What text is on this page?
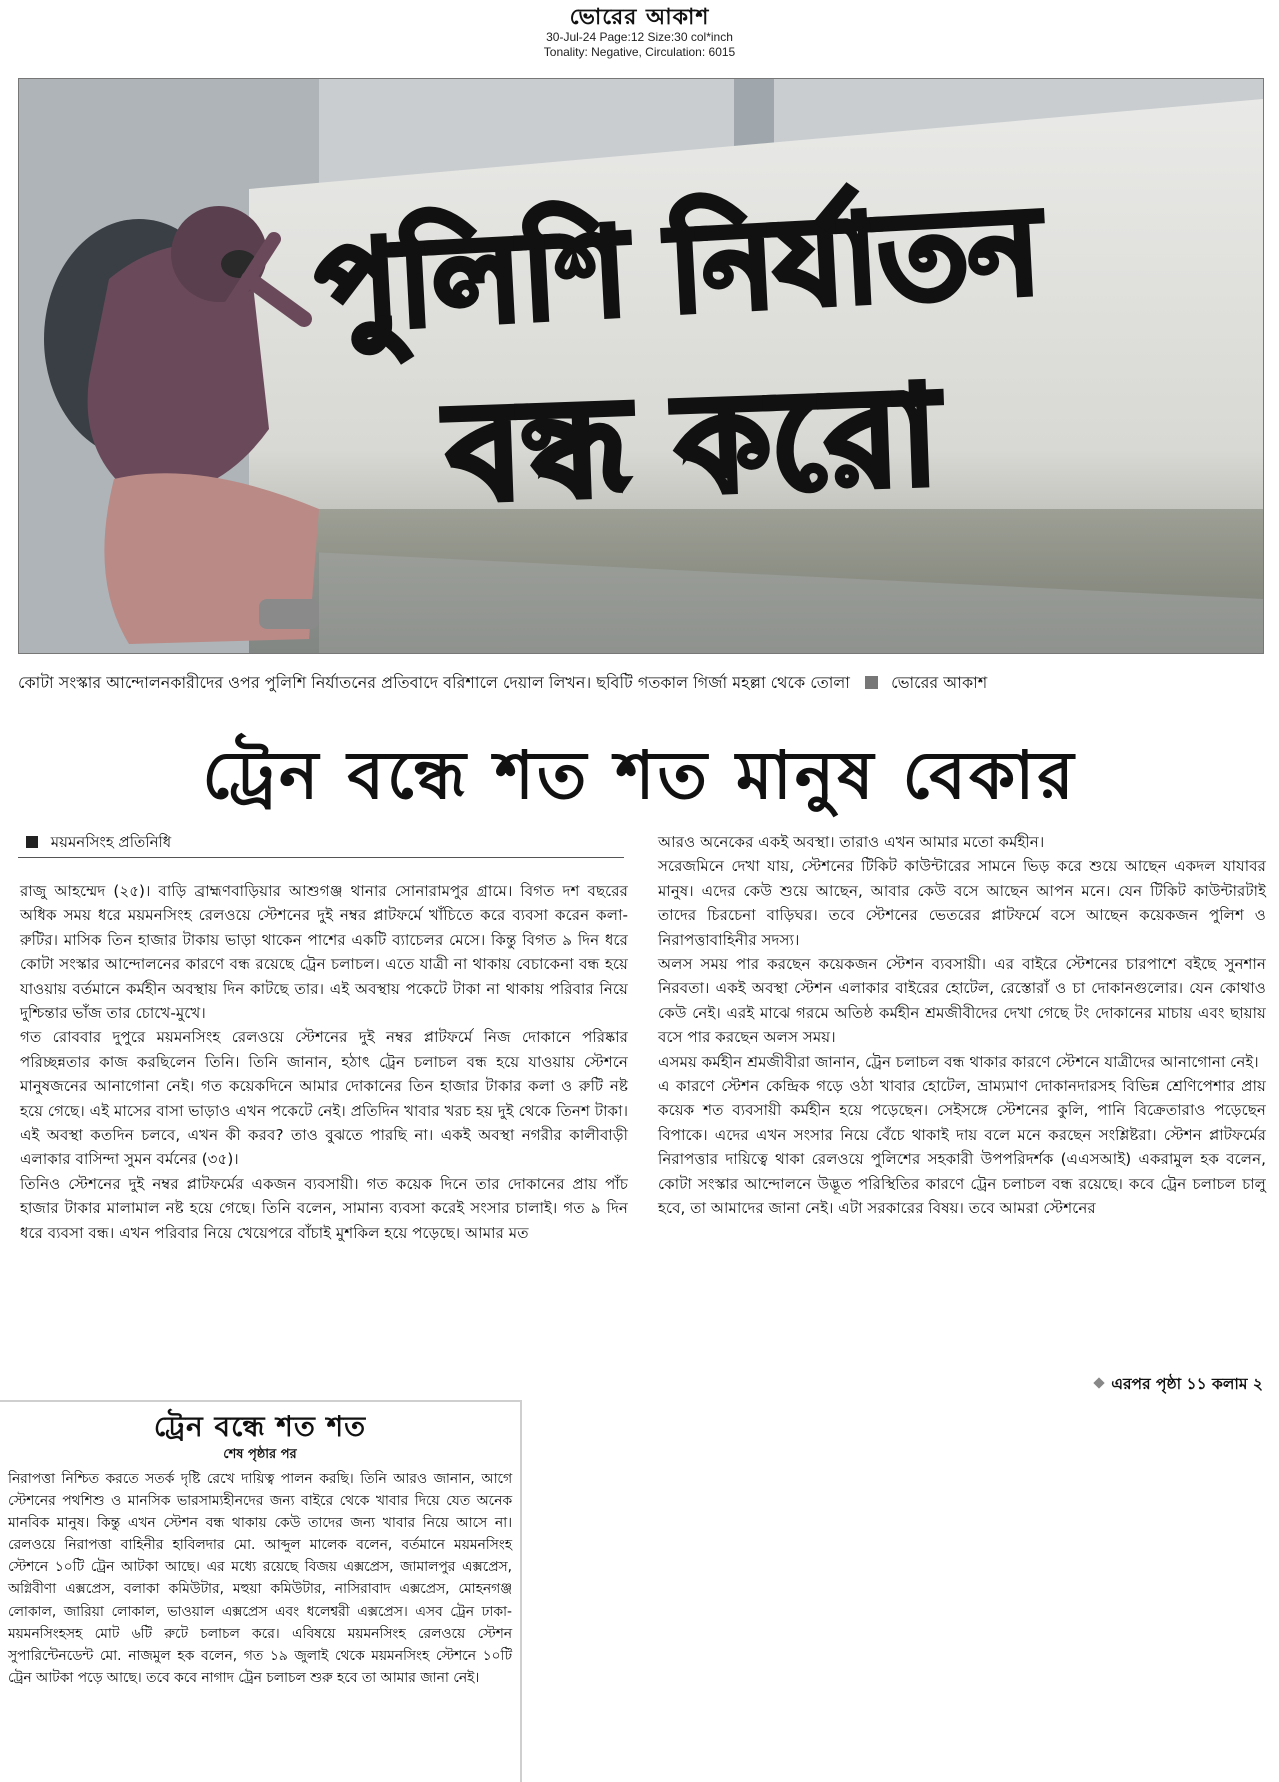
ভোরের আকাশ
30-Jul-24 Page:12 Size:30 col*inch
Tonality: Negative, Circulation: 6015
পুলিশি নির্যাতন
বন্ধ করো
কোটা সংস্কার আন্দোলনকারীদের ওপর পুলিশি নির্যাতনের প্রতিবাদে বরিশালে দেয়াল লিখন। ছবিটি গতকাল গির্জা মহল্লা থেকে তোলা	ভোরের আকাশ
ট্রেন বন্ধে শত শত মানুষ বেকার
ময়মনসিংহ প্রতিনিধি

রাজু আহম্মেদ (২৫)। বাড়ি ব্রাহ্মণবাড়িয়ার আশুগঞ্জ থানার সোনারামপুর গ্রামে। বিগত দশ বছরের অধিক সময় ধরে ময়মনসিংহ রেলওয়ে স্টেশনের দুই নম্বর প্লাটফর্মে খাঁচিতে করে ব্যবসা করেন কলা-রুটির। মাসিক তিন হাজার টাকায় ভাড়া থাকেন পাশের একটি ব্যাচেলর মেসে। কিন্তু বিগত ৯ দিন ধরে কোটা সংস্কার আন্দোলনের কারণে বন্ধ রয়েছে ট্রেন চলাচল। এতে যাত্রী না থাকায় বেচাকেনা বন্ধ হয়ে যাওয়ায় বর্তমানে কর্মহীন অবস্থায় দিন কাটছে তার। এই অবস্থায় পকেটে টাকা না থাকায় পরিবার নিয়ে দুশ্চিন্তার ভাঁজ তার চোখে-মুখে।

গত রোববার দুপুরে ময়মনসিংহ রেলওয়ে স্টেশনের দুই নম্বর প্লাটফর্মে নিজ দোকানে পরিষ্কার পরিচ্ছন্নতার কাজ করছিলেন তিনি। তিনি জানান, হঠাৎ ট্রেন চলাচল বন্ধ হয়ে যাওয়ায় স্টেশনে মানুষজনের আনাগোনা নেই। গত কয়েকদিনে আমার দোকানের তিন হাজার টাকার কলা ও রুটি নষ্ট হয়ে গেছে। এই মাসের বাসা ভাড়াও এখন পকেটে নেই। প্রতিদিন খাবার খরচ হয় দুই থেকে তিনশ টাকা। এই অবস্থা কতদিন চলবে, এখন কী করব? তাও বুঝতে পারছি না। একই অবস্থা নগরীর কালীবাড়ী এলাকার বাসিন্দা সুমন বর্মনের (৩৫)।

তিনিও স্টেশনের দুই নম্বর প্লাটফর্মের একজন ব্যবসায়ী। গত কয়েক দিনে তার দোকানের প্রায় পাঁচ হাজার টাকার মালামাল নষ্ট হয়ে গেছে। তিনি বলেন, সামান্য ব্যবসা করেই সংসার চালাই। গত ৯ দিন ধরে ব্যবসা বন্ধ। এখন পরিবার নিয়ে খেয়েপরে বাঁচাই মুশকিল হয়ে পড়েছে। আমার মত

আরও অনেকের একই অবস্থা। তারাও এখন আমার মতো কর্মহীন।

সরেজমিনে দেখা যায়, স্টেশনের টিকিট কাউন্টারের সামনে ভিড় করে শুয়ে আছেন একদল যাযাবর মানুষ। এদের কেউ শুয়ে আছেন, আবার কেউ বসে আছেন আপন মনে। যেন টিকিট কাউন্টারটাই তাদের চিরচেনা বাড়িঘর। তবে স্টেশনের ভেতরের প্লাটফর্মে বসে আছেন কয়েকজন পুলিশ ও নিরাপত্তাবাহিনীর সদস্য।

অলস সময় পার করছেন কয়েকজন স্টেশন ব্যবসায়ী। এর বাইরে স্টেশনের চারপাশে বইছে সুনশান নিরবতা। একই অবস্থা স্টেশন এলাকার বাইরের হোটেল, রেস্তোরাঁ ও চা দোকানগুলোর। যেন কোথাও কেউ নেই। এরই মাঝে গরমে অতিষ্ঠ কর্মহীন শ্রমজীবীদের দেখা গেছে টং দোকানের মাচায় এবং ছায়ায় বসে পার করছেন অলস সময়।

এসময় কর্মহীন শ্রমজীবীরা জানান, ট্রেন চলাচল বন্ধ থাকার কারণে স্টেশনে যাত্রীদের আনাগোনা নেই।

এ কারণে স্টেশন কেন্দ্রিক গড়ে ওঠা খাবার হোটেল, ভ্রাম্যমাণ দোকানদারসহ বিভিন্ন শ্রেণিপেশার প্রায় কয়েক শত ব্যবসায়ী কর্মহীন হয়ে পড়েছেন। সেইসঙ্গে স্টেশনের কুলি, পানি বিক্রেতারাও পড়েছেন বিপাকে। এদের এখন সংসার নিয়ে বেঁচে থাকাই দায় বলে মনে করছেন সংশ্লিষ্টরা। স্টেশন প্লাটফর্মের নিরাপত্তার দায়িত্বে থাকা রেলওয়ে পুলিশের সহকারী উপপরিদর্শক (এএসআই) একরামুল হক বলেন, কোটা সংস্কার আন্দোলনে উদ্ভূত পরিস্থিতির কারণে ট্রেন চলাচল বন্ধ রয়েছে। কবে ট্রেন চলাচল চালু হবে, তা আমাদের জানা নেই। এটা সরকারের বিষয়। তবে আমরা স্টেশনের

এরপর পৃষ্ঠা ১১ কলাম ২
ট্রেন বন্ধে শত শত
শেষ পৃষ্ঠার পর

নিরাপত্তা নিশ্চিত করতে সতর্ক দৃষ্টি রেখে দায়িত্ব পালন করছি। তিনি আরও জানান, আগে স্টেশনের পথশিশু ও মানসিক ভারসাম্যহীনদের জন্য বাইরে থেকে খাবার দিয়ে যেত অনেক মানবিক মানুষ। কিন্তু এখন স্টেশন বন্ধ থাকায় কেউ তাদের জন্য খাবার নিয়ে আসে না। রেলওয়ে নিরাপত্তা বাহিনীর হাবিলদার মো. আব্দুল মালেক বলেন, বর্তমানে ময়মনসিংহ স্টেশনে ১০টি ট্রেন আটকা আছে। এর মধ্যে রয়েছে বিজয় এক্সপ্রেস, জামালপুর এক্সপ্রেস, অগ্নিবীণা এক্সপ্রেস, বলাকা কমিউটার, মহুয়া কমিউটার, নাসিরাবাদ এক্সপ্রেস, মোহনগঞ্জ লোকাল, জারিয়া লোকাল, ভাওয়াল এক্সপ্রেস এবং ধলেশ্বরী এক্সপ্রেস। এসব ট্রেন ঢাকা-ময়মনসিংহসহ মোট ৬টি রুটে চলাচল করে। এবিষয়ে ময়মনসিংহ রেলওয়ে স্টেশন সুপারিন্টেনডেন্ট মো. নাজমুল হক বলেন, গত ১৯ জুলাই থেকে ময়মনসিংহ স্টেশনে ১০টি ট্রেন আটকা পড়ে আছে। তবে কবে নাগাদ ট্রেন চলাচল শুরু হবে তা আমার জানা নেই।
